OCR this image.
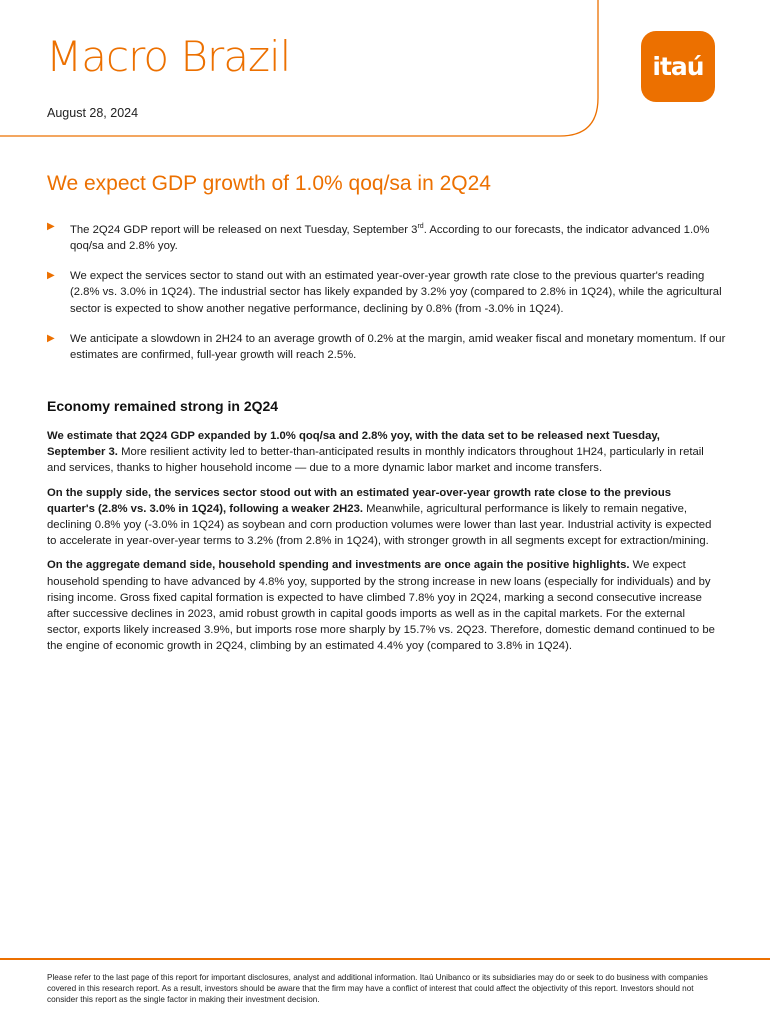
Macro Brazil
August 28, 2024
itaú
We expect GDP growth of 1.0% qoq/sa in 2Q24
▶	The 2Q24 GDP report will be released on next Tuesday, September 3rd. According to our forecasts, the indicator advanced 1.0% qoq/sa and 2.8% yoy.
▶	We expect the services sector to stand out with an estimated year-over-year growth rate close to the previous quarter's reading (2.8% vs. 3.0% in 1Q24). The industrial sector has likely expanded by 3.2% yoy (compared to 2.8% in 1Q24), while the agricultural sector is expected to show another negative performance, declining by 0.8% (from -3.0% in 1Q24).
▶	We anticipate a slowdown in 2H24 to an average growth of 0.2% at the margin, amid weaker fiscal and monetary momentum. If our estimates are confirmed, full-year growth will reach 2.5%.
Economy remained strong in 2Q24

We estimate that 2Q24 GDP expanded by 1.0% qoq/sa and 2.8% yoy, with the data set to be released next Tuesday, September 3. More resilient activity led to better-than-anticipated results in monthly indicators throughout 1H24, particularly in retail and services, thanks to higher household income — due to a more dynamic labor market and income transfers.

On the supply side, the services sector stood out with an estimated year-over-year growth rate close to the previous quarter's (2.8% vs. 3.0% in 1Q24), following a weaker 2H23. Meanwhile, agricultural performance is likely to remain negative, declining 0.8% yoy (-3.0% in 1Q24) as soybean and corn production volumes were lower than last year. Industrial activity is expected to accelerate in year-over-year terms to 3.2% (from 2.8% in 1Q24), with stronger growth in all segments except for extraction/mining.

On the aggregate demand side, household spending and investments are once again the positive highlights. We expect household spending to have advanced by 4.8% yoy, supported by the strong increase in new loans (especially for individuals) and by rising income. Gross fixed capital formation is expected to have climbed 7.8% yoy in 2Q24, marking a second consecutive increase after successive declines in 2023, amid robust growth in capital goods imports as well as in the capital markets. For the external sector, exports likely increased 3.9%, but imports rose more sharply by 15.7% vs. 2Q23. Therefore, domestic demand continued to be the engine of economic growth in 2Q24, climbing by an estimated 4.4% yoy (compared to 3.8% in 1Q24).

Please refer to the last page of this report for important disclosures, analyst and additional information. Itaú Unibanco or its subsidiaries may do or seek to do business with companies covered in this research report. As a result, investors should be aware that the firm may have a conflict of interest that could affect the objectivity of this report. Investors should not consider this report as the single factor in making their investment decision.
